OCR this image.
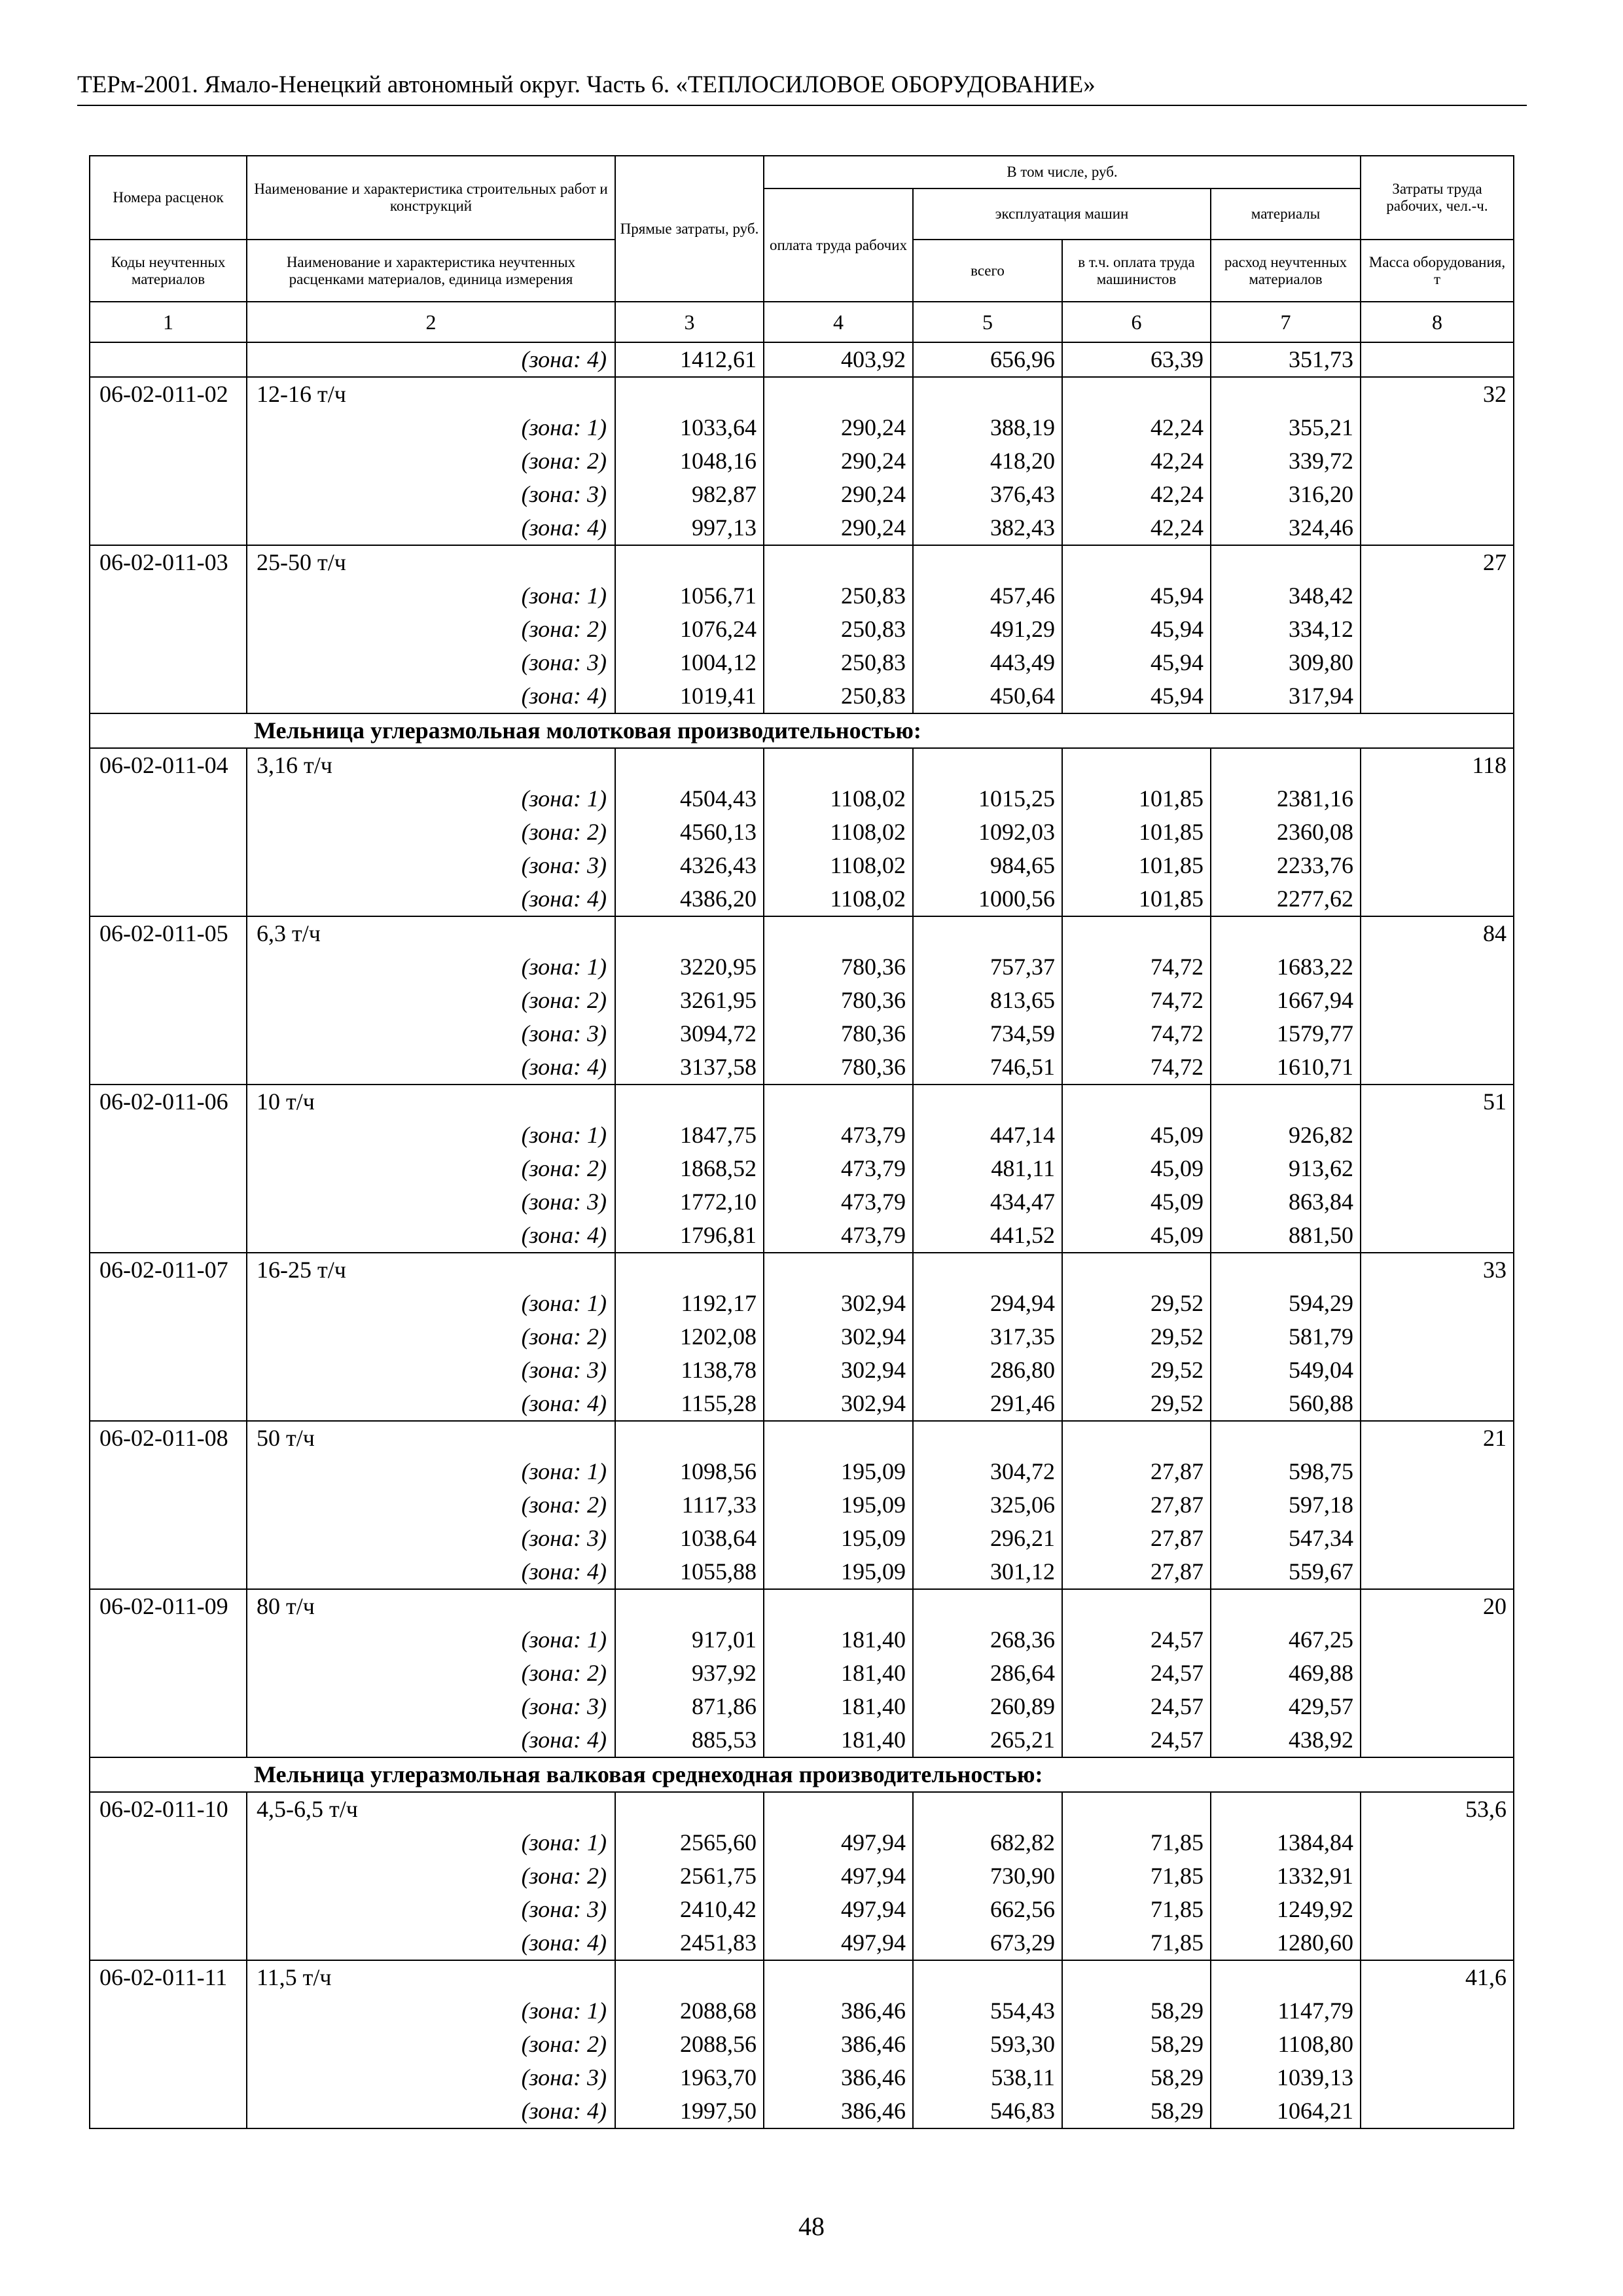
ТЕРм-2001. Ямало-Ненецкий автономный округ. Часть 6. «ТЕПЛОСИЛОВОЕ ОБОРУДОВАНИЕ»
Номера расценок	Наименование и характеристика строительных работ и конструкций	Прямые затраты, руб.	В том числе, руб.				Затраты труда рабочих, чел.-ч.
			оплата труда рабочих	эксплуатация машин		материалы	
Коды неучтенных материалов	Наименование и характеристика неучтенных расценками материалов, единица измерения			всего	в т.ч. оплата труда машинистов	расход неучтенных материалов	Масса оборудования, т
1	2	3	4	5	6	7	8
	(зона: 4)	1412,61	403,92	656,96	63,39	351,73	
06-02-011-02	12-16 т/ч						32
	(зона: 1)	1033,64	290,24	388,19	42,24	355,21	
	(зона: 2)	1048,16	290,24	418,20	42,24	339,72	
	(зона: 3)	982,87	290,24	376,43	42,24	316,20	
	(зона: 4)	997,13	290,24	382,43	42,24	324,46	
06-02-011-03	25-50 т/ч						27
	(зона: 1)	1056,71	250,83	457,46	45,94	348,42	
	(зона: 2)	1076,24	250,83	491,29	45,94	334,12	
	(зона: 3)	1004,12	250,83	443,49	45,94	309,80	
	(зона: 4)	1019,41	250,83	450,64	45,94	317,94	
Мельница углеразмольная молотковая производительностью:							
06-02-011-04	3,16 т/ч						118
	(зона: 1)	4504,43	1108,02	1015,25	101,85	2381,16	
	(зона: 2)	4560,13	1108,02	1092,03	101,85	2360,08	
	(зона: 3)	4326,43	1108,02	984,65	101,85	2233,76	
	(зона: 4)	4386,20	1108,02	1000,56	101,85	2277,62	
06-02-011-05	6,3 т/ч						84
	(зона: 1)	3220,95	780,36	757,37	74,72	1683,22	
	(зона: 2)	3261,95	780,36	813,65	74,72	1667,94	
	(зона: 3)	3094,72	780,36	734,59	74,72	1579,77	
	(зона: 4)	3137,58	780,36	746,51	74,72	1610,71	
06-02-011-06	10 т/ч						51
	(зона: 1)	1847,75	473,79	447,14	45,09	926,82	
	(зона: 2)	1868,52	473,79	481,11	45,09	913,62	
	(зона: 3)	1772,10	473,79	434,47	45,09	863,84	
	(зона: 4)	1796,81	473,79	441,52	45,09	881,50	
06-02-011-07	16-25 т/ч						33
	(зона: 1)	1192,17	302,94	294,94	29,52	594,29	
	(зона: 2)	1202,08	302,94	317,35	29,52	581,79	
	(зона: 3)	1138,78	302,94	286,80	29,52	549,04	
	(зона: 4)	1155,28	302,94	291,46	29,52	560,88	
06-02-011-08	50 т/ч						21
	(зона: 1)	1098,56	195,09	304,72	27,87	598,75	
	(зона: 2)	1117,33	195,09	325,06	27,87	597,18	
	(зона: 3)	1038,64	195,09	296,21	27,87	547,34	
	(зона: 4)	1055,88	195,09	301,12	27,87	559,67	
06-02-011-09	80 т/ч						20
	(зона: 1)	917,01	181,40	268,36	24,57	467,25	
	(зона: 2)	937,92	181,40	286,64	24,57	469,88	
	(зона: 3)	871,86	181,40	260,89	24,57	429,57	
	(зона: 4)	885,53	181,40	265,21	24,57	438,92	
Мельница углеразмольная валковая среднеходная производительностью:							
06-02-011-10	4,5-6,5 т/ч						53,6
	(зона: 1)	2565,60	497,94	682,82	71,85	1384,84	
	(зона: 2)	2561,75	497,94	730,90	71,85	1332,91	
	(зона: 3)	2410,42	497,94	662,56	71,85	1249,92	
	(зона: 4)	2451,83	497,94	673,29	71,85	1280,60	
06-02-011-11	11,5 т/ч						41,6
	(зона: 1)	2088,68	386,46	554,43	58,29	1147,79	
	(зона: 2)	2088,56	386,46	593,30	58,29	1108,80	
	(зона: 3)	1963,70	386,46	538,11	58,29	1039,13	
	(зона: 4)	1997,50	386,46	546,83	58,29	1064,21	
48
